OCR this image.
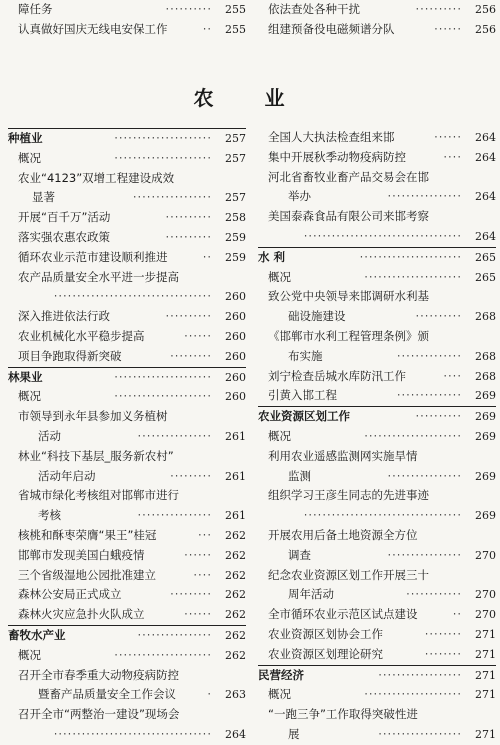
障任务	··········	255
认真做好国庆无线电安保工作	··	255
依法查处各种干扰	··········	256
组建预备役电磁频谱分队	······	256
农 业
种植业	·····················	257
概况	·····················	257
农业“4123”双增工程建设成效
显著	·················	257
开展“百千万”活动	··········	258
落实强农惠农政策	··········	259
循环农业示范市建设顺利推进	··	259
农产品质量安全水平进一步提高
··································	260
深入推进依法行政	··········	260
农业机械化水平稳步提高	······	260
项目争跑取得新突破	·········	260
林果业	·····················	260
概况	·····················	260
市领导到永年县参加义务植树
活动	················	261
林业“科技下基层_服务新农村”
活动年启动	·········	261
省城市绿化考核组对邯郸市进行
考核	················	261
核桃和酥枣荣膺“果王”桂冠	···	262
邯郸市发现美国白蛾疫情	······	262
三个省级湿地公园批准建立	····	262
森林公安局正式成立	·········	262
森林火灾应急扑火队成立	······	262
畜牧水产业	················	262
概况	·····················	262
召开全市春季重大动物疫病防控
暨畜产品质量安全工作会议	·	263
召开全市“两整治一建设”现场会
··································	264
全国人大执法检查组来邯	······	264
集中开展秋季动物疫病防控	····	264
河北省畜牧业畜产品交易会在邯
举办	················	264
美国泰森食品有限公司来邯考察
··································	264
水 利	······················	265
概况	·····················	265
致公党中央领导来邯调研水利基
础设施建设	··········	268
《邯郸市水利工程管理条例》颁
布实施	··············	268
刘宁检查岳城水库防汛工作	····	268
引黄入邯工程	··············	269
农业资源区划工作	··········	269
概况	·····················	269
利用农业遥感监测网实施旱情
监测	················	269
组织学习王彦生同志的先进事迹
··································	269
开展农用后备土地资源全方位
调查	················	270
纪念农业资源区划工作开展三十
周年活动	············	270
全市循环农业示范区试点建设	··	270
农业资源区划协会工作	········	271
农业资源区划理论研究	········	271
民营经济	··················	271
概况	·····················	271
“一跑三争”工作取得突破性进
展	··················	271
